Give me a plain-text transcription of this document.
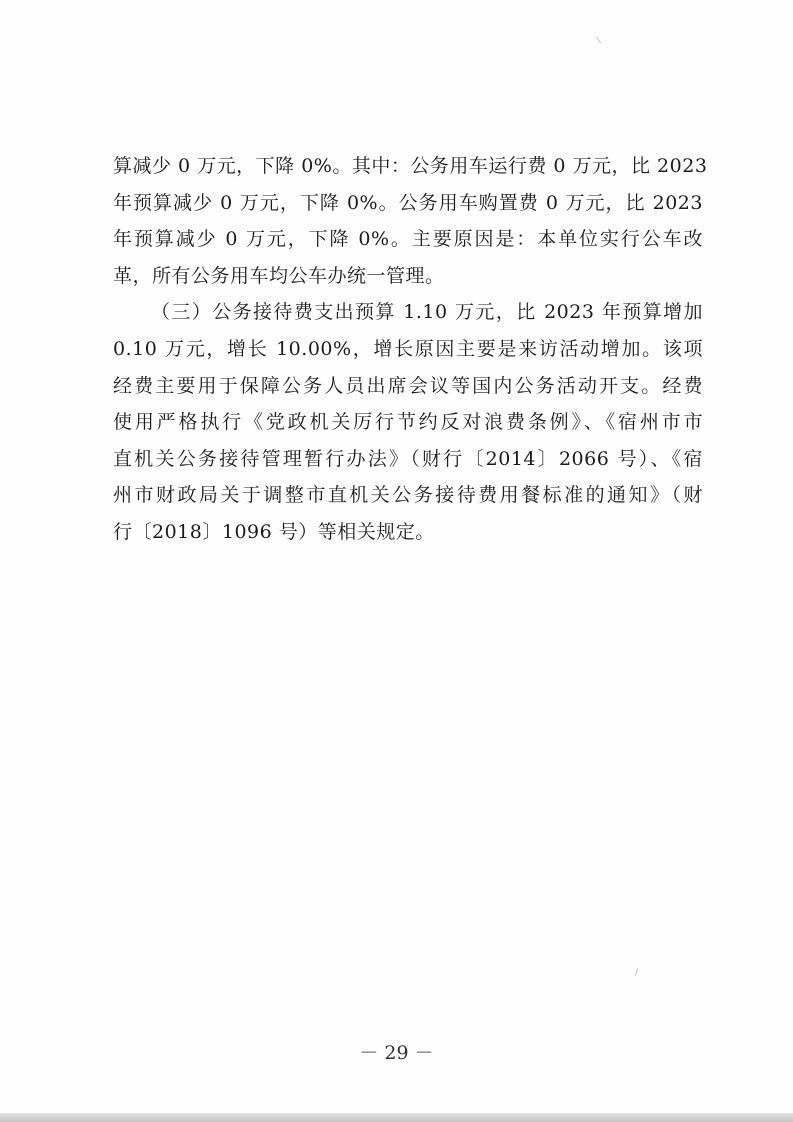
算减少 0 万元，下降 0%。其中：公务用车运行费 0 万元，比 2023
年预算减少 0 万元，下降 0%。公务用车购置费 0 万元，比 2023
年预算减少 0 万元，下降 0%。主要原因是：本单位实行公车改
革，所有公务用车均公车办统一管理。
（三）公务接待费支出预算 1.10 万元，比 2023 年预算增加
0.10 万元，增长 10.00%，增长原因主要是来访活动增加。该项
经费主要用于保障公务人员出席会议等国内公务活动开支。经费
使用严格执行《党政机关厉行节约反对浪费条例》、《宿州市市
直机关公务接待管理暂行办法》（财行〔2014〕2066 号）、《宿
州市财政局关于调整市直机关公务接待费用餐标准的通知》（财
行〔2018〕1096 号）等相关规定。
－ 29 －
